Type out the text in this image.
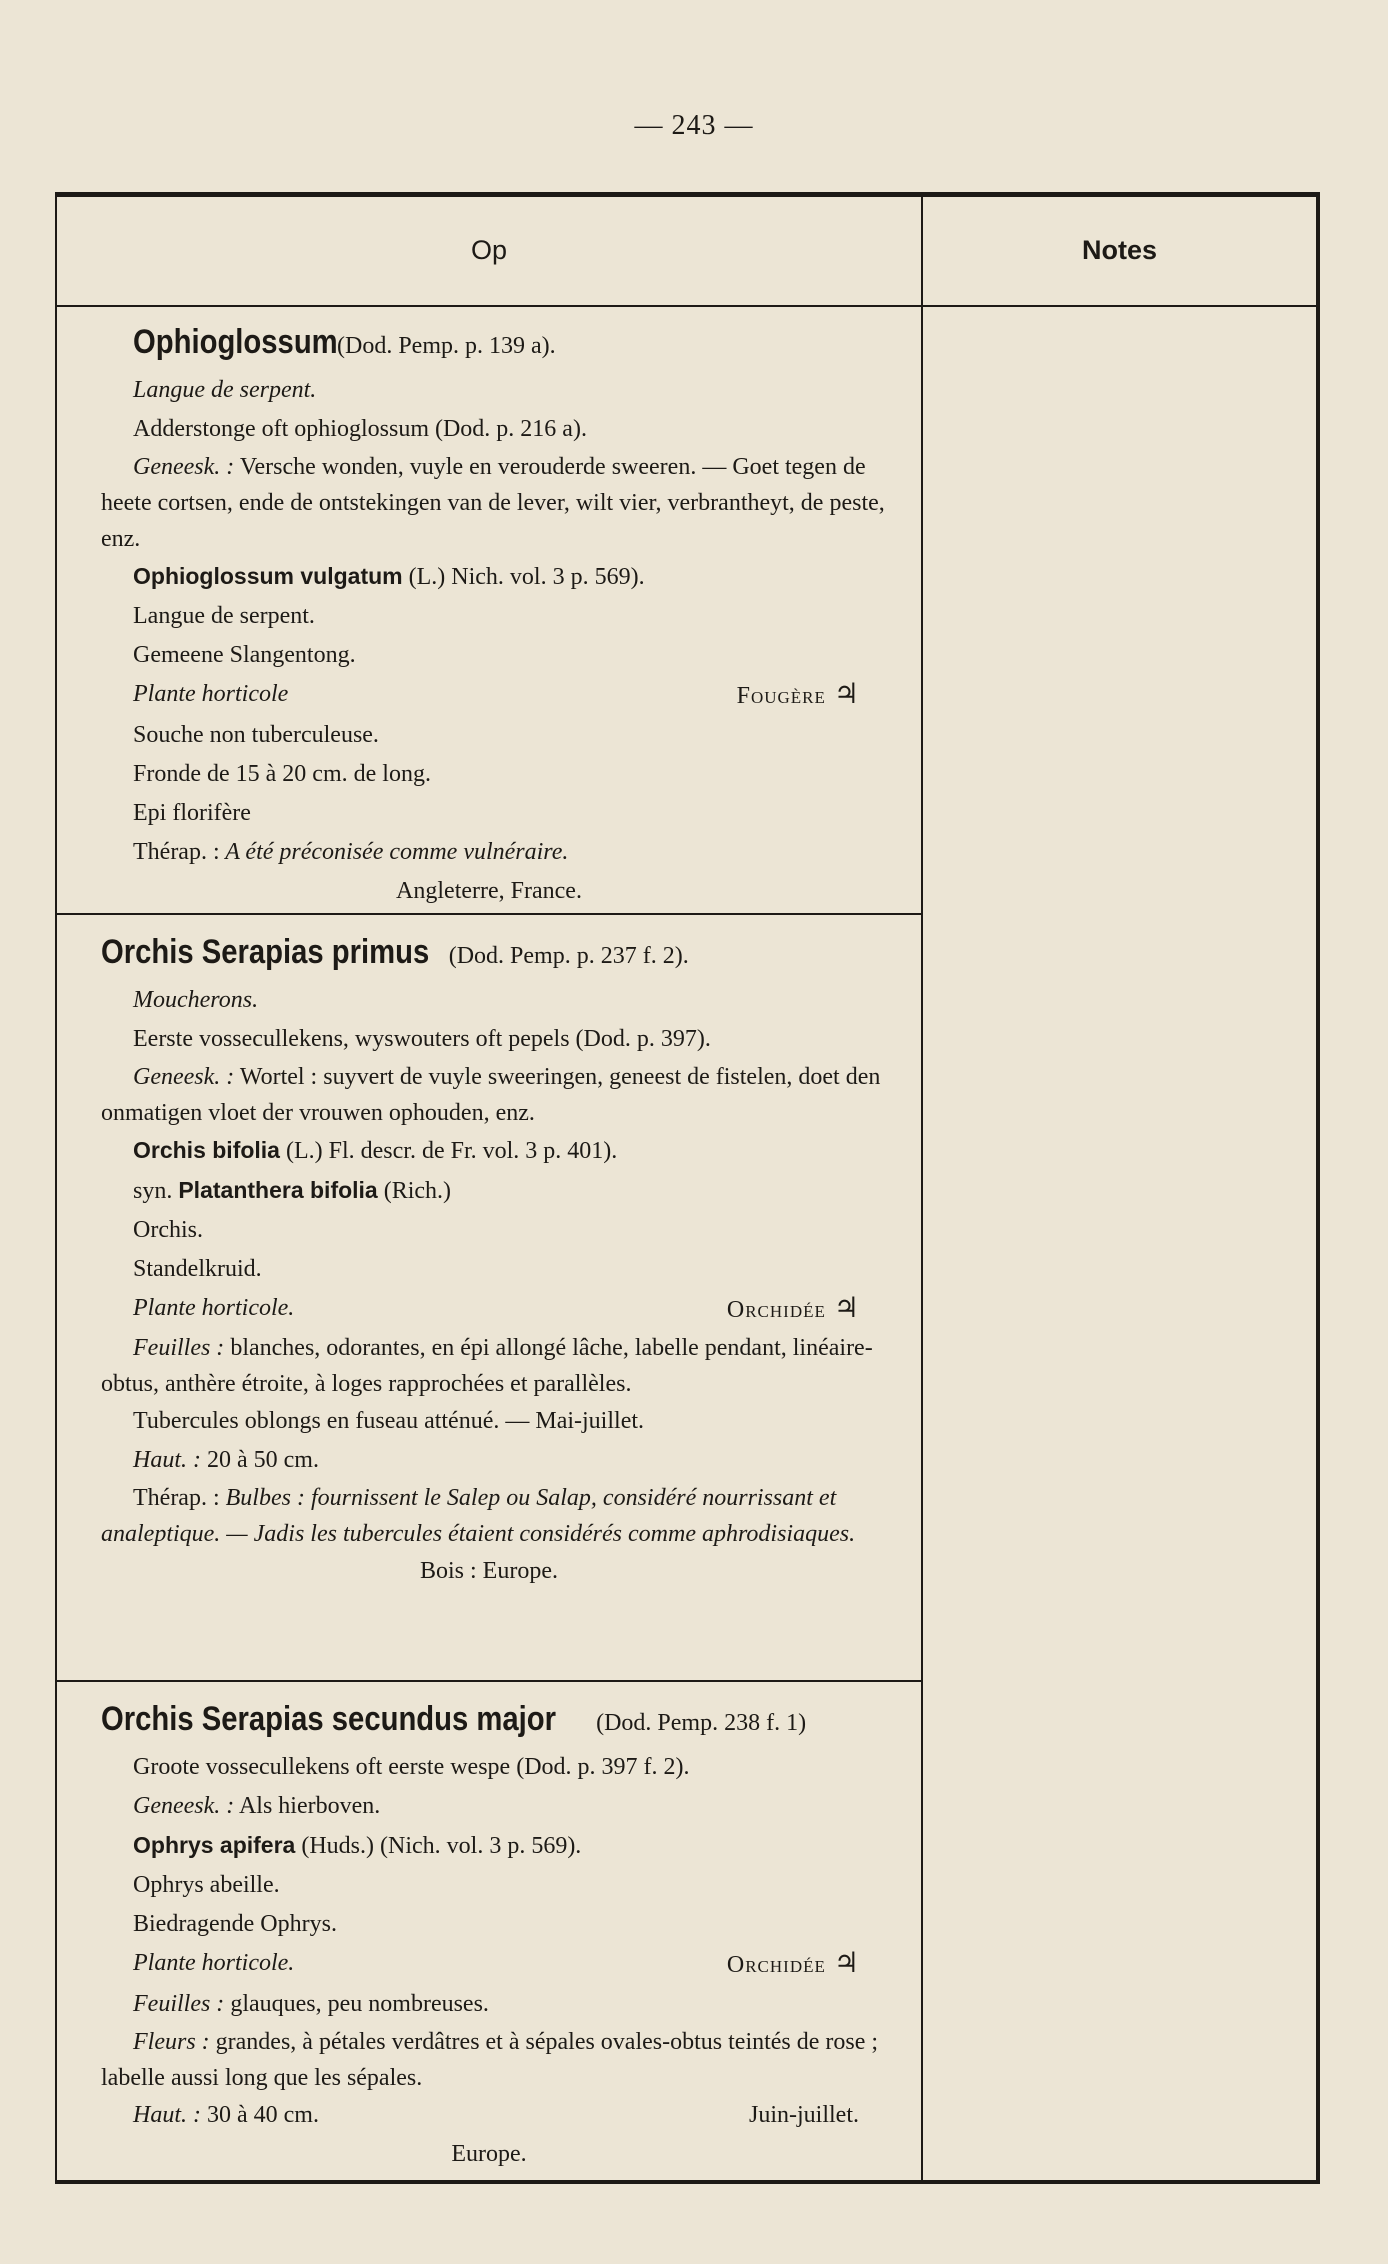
— 243 —
Op	Notes
Ophioglossum (Dod. Pemp. p. 139 a).
Langue de serpent.
Adderstonge oft ophioglossum (Dod. p. 216 a).
Geneesk. : Versche wonden, vuyle en verouderde sweeren. — Goet tegen de heete cortsen, ende de ontstekingen van de lever, wilt vier, verbrantheyt, de peste, enz.
Ophioglossum vulgatum (L.) Nich. vol. 3 p. 569).
Langue de serpent.
Gemeene Slangentong.
Plante horticole	Fougère ♃
Souche non tuberculeuse.
Fronde de 15 à 20 cm. de long.
Epi florifère
Thérap. : A été préconisée comme vulnéraire.
Angleterre, France.
Orchis Serapias primus (Dod. Pemp. p. 237 f. 2).
Moucherons.
Eerste vossecullekens, wyswouters oft pepels (Dod. p. 397).
Geneesk. : Wortel : suyvert de vuyle sweeringen, geneest de fistelen, doet den onmatigen vloet der vrouwen ophouden, enz.
Orchis bifolia (L.) Fl. descr. de Fr. vol. 3 p. 401).
syn. Platanthera bifolia (Rich.)
Orchis.
Standelkruid.
Plante horticole.	Orchidée ♃
Feuilles : blanches, odorantes, en épi allongé lâche, labelle pendant, linéaire-obtus, anthère étroite, à loges rapprochées et parallèles.
Tubercules oblongs en fuseau atténué. — Mai-juillet.
Haut. : 20 à 50 cm.
Thérap. : Bulbes : fournissent le Salep ou Salap, considéré nourrissant et analeptique. — Jadis les tubercules étaient considérés comme aphrodisiaques.
Bois : Europe.
Orchis Serapias secundus major (Dod. Pemp. 238 f. 1)
Groote vossecullekens oft eerste wespe (Dod. p. 397 f. 2).
Geneesk. : Als hierboven.
Ophrys apifera (Huds.) (Nich. vol. 3 p. 569).
Ophrys abeille.
Biedragende Ophrys.
Plante horticole.	Orchidée ♃
Feuilles : glauques, peu nombreuses.
Fleurs : grandes, à pétales verdâtres et à sépales ovales-obtus teintés de rose ; labelle aussi long que les sépales.
Haut. : 30 à 40 cm.	Juin-juillet.
Europe.
